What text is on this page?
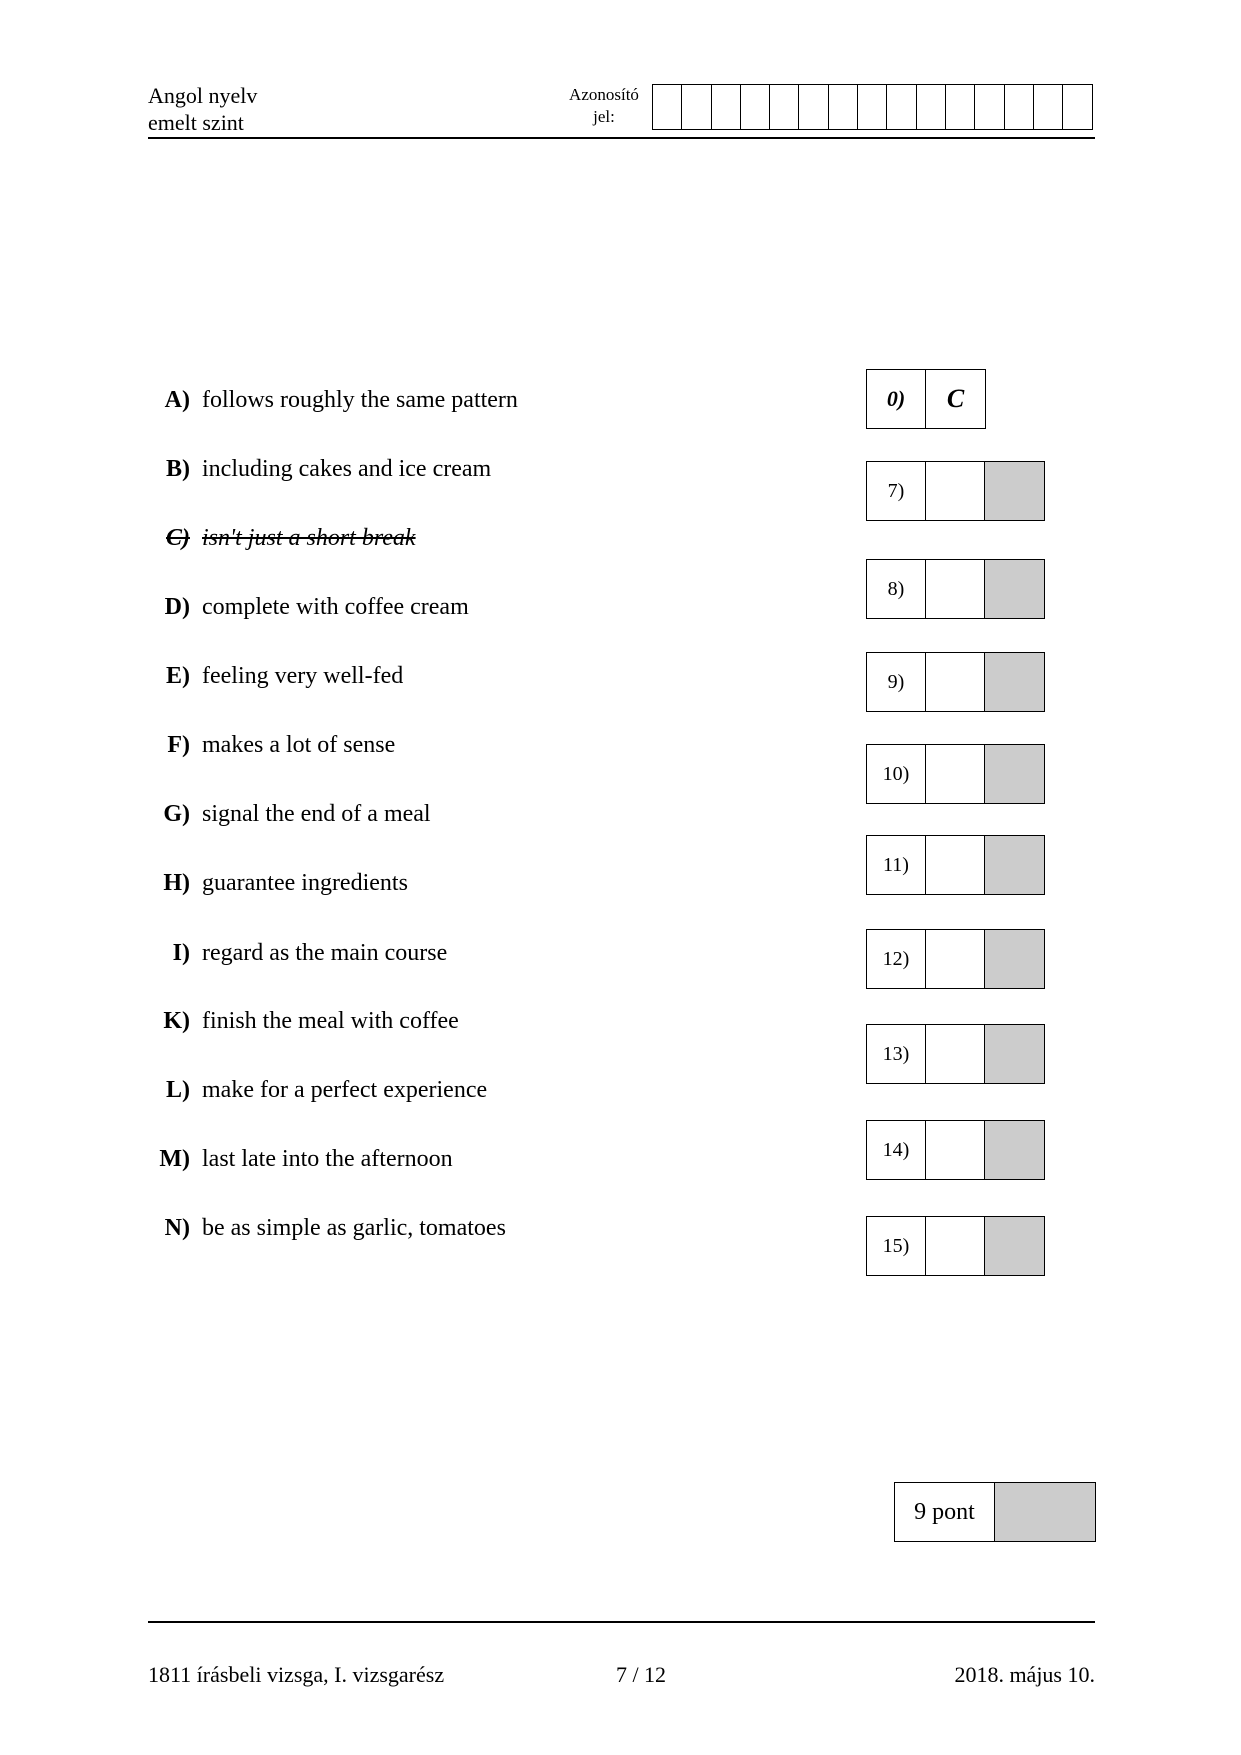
Angol nyelv
emelt szint
Azonosító
jel:
A) follows roughly the same pattern
B) including cakes and ice cream
C) isn't just a short break
D) complete with coffee cream
E) feeling very well-fed
F) makes a lot of sense
G) signal the end of a meal
H) guarantee ingredients
I) regard as the main course
K) finish the meal with coffee
L) make for a perfect experience
M) last late into the afternoon
N) be as simple as garlic, tomatoes
0)	C
7)
8)
9)
10)
11)
12)
13)
14)
15)
9 pont
1811 írásbeli vizsga, I. vizsgarész	7 / 12	2018. május 10.
